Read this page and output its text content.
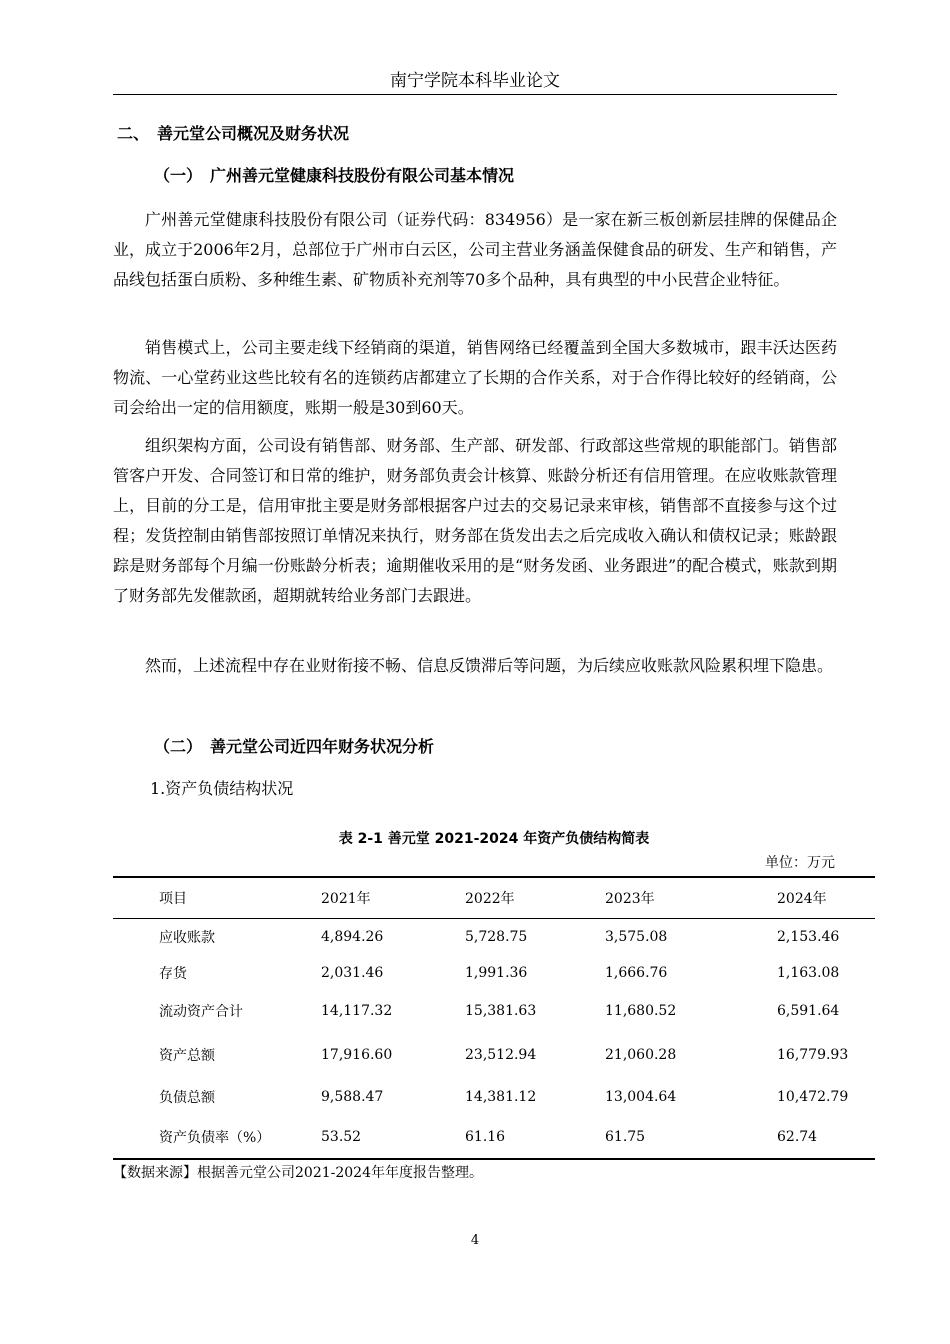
南宁学院本科毕业论文
二、　善元堂公司概况及财务状况
（一）　广州善元堂健康科技股份有限公司基本情况

广州善元堂健康科技股份有限公司（证券代码：834956）是一家在新三板创新层挂牌的保健品企业，成立于2006年2月，总部位于广州市白云区，公司主营业务涵盖保健食品的研发、生产和销售，产品线包括蛋白质粉、多种维生素、矿物质补充剂等70多个品种，具有典型的中小民营企业特征。

销售模式上，公司主要走线下经销商的渠道，销售网络已经覆盖到全国大多数城市，跟丰沃达医药物流、一心堂药业这些比较有名的连锁药店都建立了长期的合作关系，对于合作得比较好的经销商，公司会给出一定的信用额度，账期一般是30到60天。

组织架构方面，公司设有销售部、财务部、生产部、研发部、行政部这些常规的职能部门。销售部管客户开发、合同签订和日常的维护，财务部负责会计核算、账龄分析还有信用管理。在应收账款管理上，目前的分工是，信用审批主要是财务部根据客户过去的交易记录来审核，销售部不直接参与这个过程；发货控制由销售部按照订单情况来执行，财务部在货发出去之后完成收入确认和债权记录；账龄跟踪是财务部每个月编一份账龄分析表；逾期催收采用的是“财务发函、业务跟进”的配合模式，账款到期了财务部先发催款函，超期就转给业务部门去跟进。

然而，上述流程中存在业财衔接不畅、信息反馈滞后等问题，为后续应收账款风险累积埋下隐患。

（二）　善元堂公司近四年财务状况分析
1.资产负债结构状况
表 2-1 善元堂 2021-2024 年资产负债结构简表
单位：万元
项目	2021年	2022年	2023年	2024年
应收账款	4,894.26	5,728.75	3,575.08	2,153.46
存货	2,031.46	1,991.36	1,666.76	1,163.08
流动资产合计	14,117.32	15,381.63	11,680.52	6,591.64
资产总额	17,916.60	23,512.94	21,060.28	16,779.93
负债总额	9,588.47	14,381.12	13,004.64	10,472.79
资产负债率（%）	53.52	61.16	61.75	62.74
【数据来源】根据善元堂公司2021-2024年年度报告整理。
4
